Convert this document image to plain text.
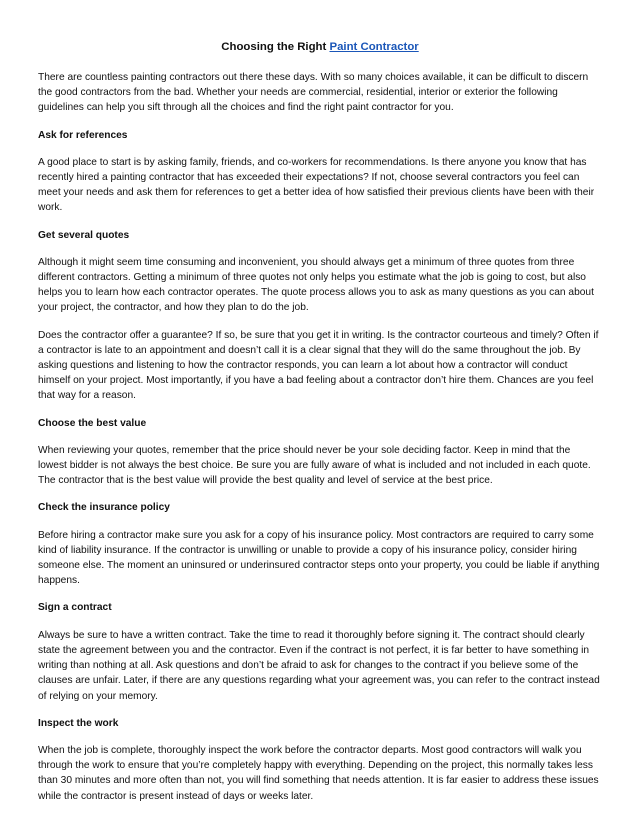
Choosing the Right Paint Contractor

There are countless painting contractors out there these days. With so many choices available, it can be difficult to discern the good contractors from the bad. Whether your needs are commercial, residential, interior or exterior the following guidelines can help you sift through all the choices and find the right paint contractor for you.

Ask for references

A good place to start is by asking family, friends, and co-workers for recommendations. Is there anyone you know that has recently hired a painting contractor that has exceeded their expectations? If not, choose several contractors you feel can meet your needs and ask them for references to get a better idea of how satisfied their previous clients have been with their work.

Get several quotes

Although it might seem time consuming and inconvenient, you should always get a minimum of three quotes from three different contractors. Getting a minimum of three quotes not only helps you estimate what the job is going to cost, but also helps you to learn how each contractor operates. The quote process allows you to ask as many questions as you can about your project, the contractor, and how they plan to do the job.

Does the contractor offer a guarantee? If so, be sure that you get it in writing. Is the contractor courteous and timely? Often if a contractor is late to an appointment and doesn’t call it is a clear signal that they will do the same throughout the job. By asking questions and listening to how the contractor responds, you can learn a lot about how a contractor will conduct himself on your project. Most importantly, if you have a bad feeling about a contractor don’t hire them. Chances are you feel that way for a reason.

Choose the best value

When reviewing your quotes, remember that the price should never be your sole deciding factor. Keep in mind that the lowest bidder is not always the best choice. Be sure you are fully aware of what is included and not included in each quote. The contractor that is the best value will provide the best quality and level of service at the best price.

Check the insurance policy

Before hiring a contractor make sure you ask for a copy of his insurance policy. Most contractors are required to carry some kind of liability insurance. If the contractor is unwilling or unable to provide a copy of his insurance policy, consider hiring someone else. The moment an uninsured or underinsured contractor steps onto your property, you could be liable if anything happens.

Sign a contract

Always be sure to have a written contract. Take the time to read it thoroughly before signing it. The contract should clearly state the agreement between you and the contractor. Even if the contract is not perfect, it is far better to have something in writing than nothing at all. Ask questions and don’t be afraid to ask for changes to the contract if you believe some of the clauses are unfair. Later, if there are any questions regarding what your agreement was, you can refer to the contract instead of relying on your memory.

Inspect the work

When the job is complete, thoroughly inspect the work before the contractor departs. Most good contractors will walk you through the work to ensure that you’re completely happy with everything. Depending on the project, this normally takes less than 30 minutes and more often than not, you will find something that needs attention. It is far easier to address these issues while the contractor is present instead of days or weeks later.
